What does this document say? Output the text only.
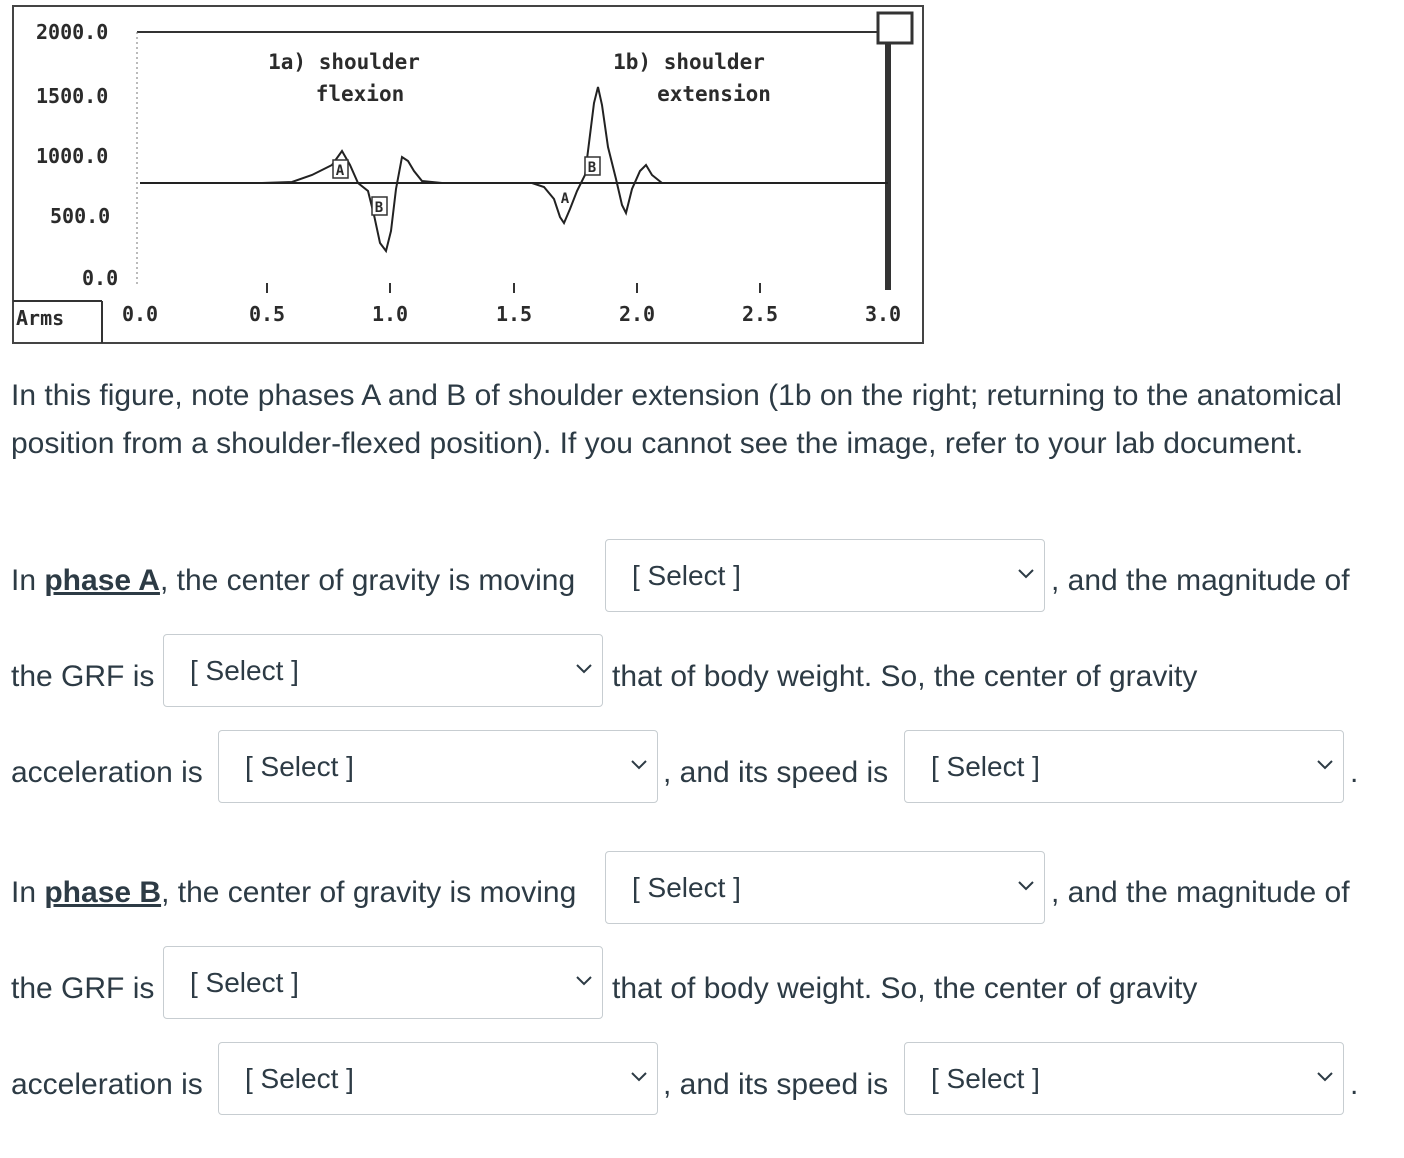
A
B
A
B
1a) shoulder
flexion
1b) shoulder
extension
2000.0
1500.0
1000.0
500.0
0.0
Arms	0.0	0.5	1.0	1.5	2.0	2.5	3.0

In this figure, note phases A and B of shoulder extension (1b on the right; returning to the anatomical position from a shoulder-flexed position). If you cannot see the image, refer to your lab document.

In phase A, the center of gravity is moving [ Select ]	, and the magnitude of
the GRF is [ Select ]	that of body weight. So, the center of gravity
acceleration is [ Select ]	, and its speed is [ Select ]	.
In phase B, the center of gravity is moving [ Select ]	, and the magnitude of
the GRF is [ Select ]	that of body weight. So, the center of gravity
acceleration is [ Select ]	, and its speed is [ Select ]	.
